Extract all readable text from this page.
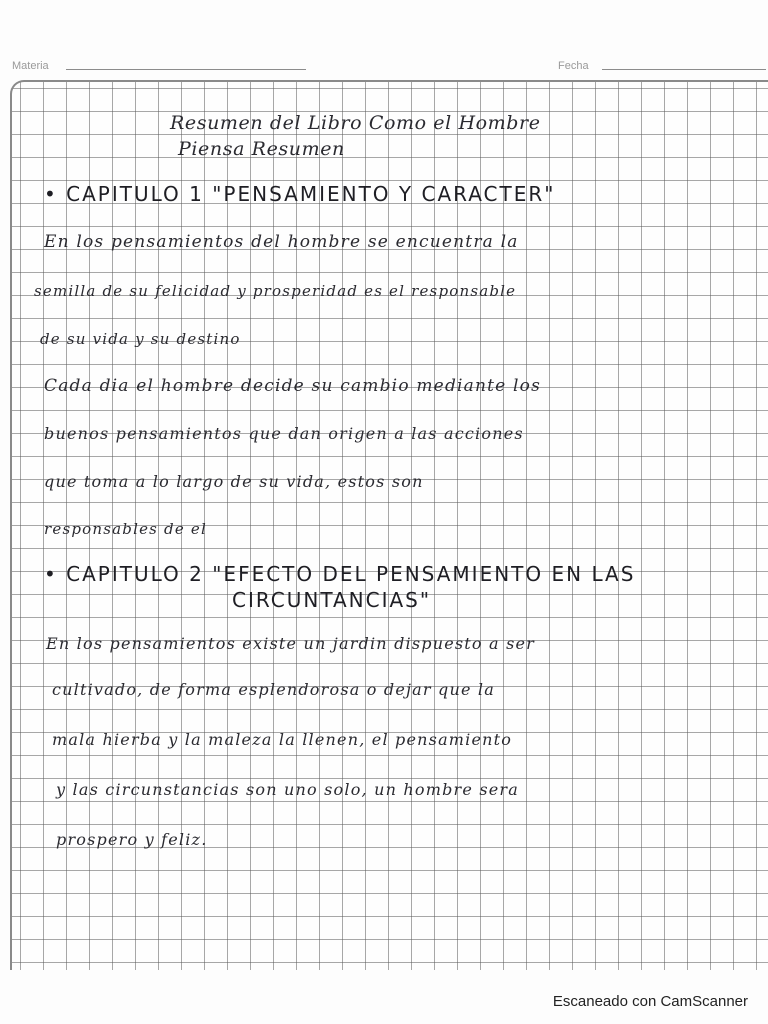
Materia	Fecha
Resumen del Libro Como el Hombre
Piensa Resumen
• CAPITULO 1 "PENSAMIENTO Y CARACTER"
En los pensamientos del hombre se encuentra la
semilla de su felicidad y prosperidad es el responsable
de su vida y su destino
Cada dia el hombre decide su cambio mediante los
buenos pensamientos que dan origen a las acciones
que toma a lo largo de su vida, estos son
responsables de el
• CAPITULO 2 "EFECTO DEL PENSAMIENTO EN LAS
CIRCUNTANCIAS"
En los pensamientos existe un jardin dispuesto a ser
cultivado, de forma esplendorosa o dejar que la
mala hierba y la maleza la llenen, el pensamiento
y las circunstancias son uno solo, un hombre sera
prospero y feliz.
Escaneado con CamScanner
